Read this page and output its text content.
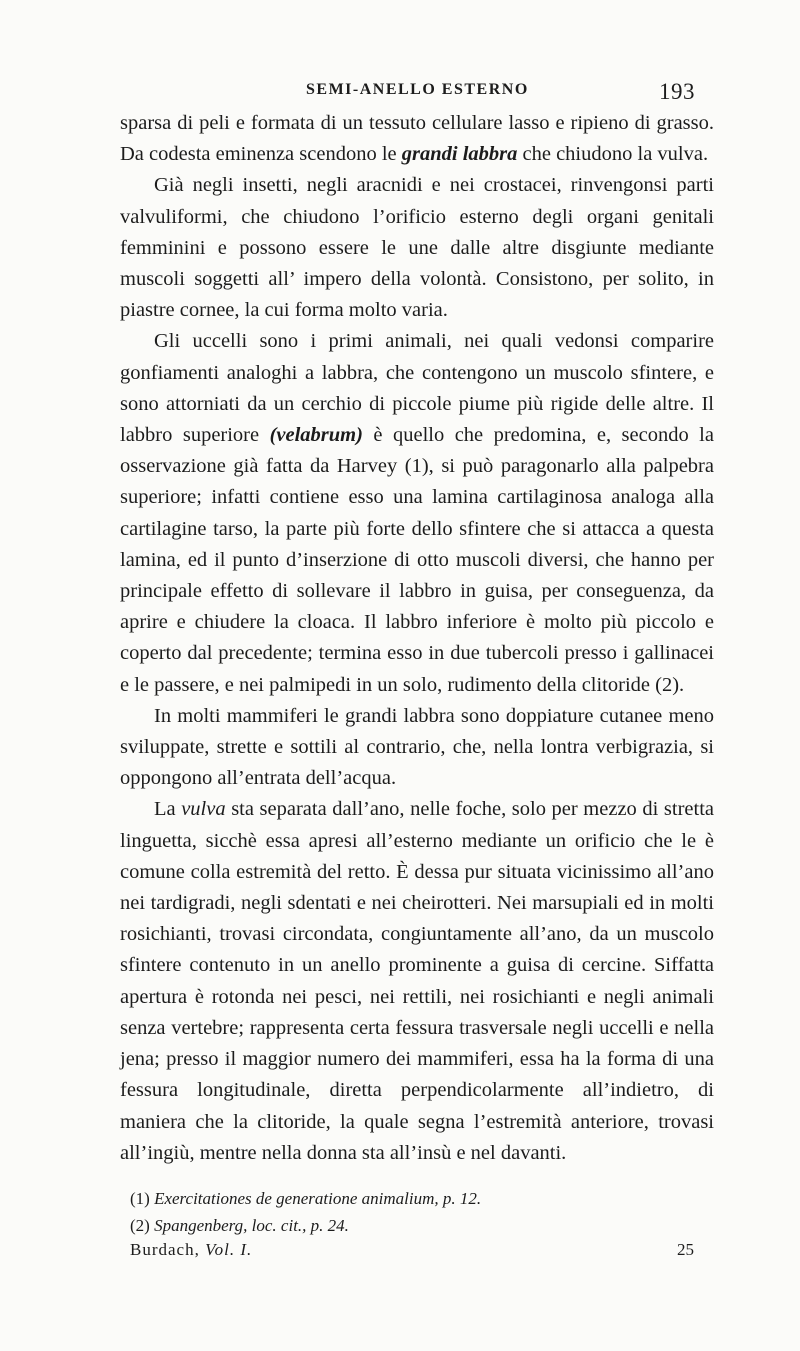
SEMI-ANELLO ESTERNO	193

sparsa di peli e formata di un tessuto cellulare lasso e ripieno di grasso. Da codesta eminenza scendono le grandi labbra che chiudono la vulva.

Già negli insetti, negli aracnidi e nei crostacei, rinvengonsi parti valvuliformi, che chiudono l’orificio esterno degli organi genitali femminini e possono essere le une dalle altre disgiunte mediante muscoli soggetti all’ impero della volontà. Consistono, per solito, in piastre cornee, la cui forma molto varia.

Gli uccelli sono i primi animali, nei quali vedonsi comparire gonfiamenti analoghi a labbra, che contengono un muscolo sfintere, e sono attorniati da un cerchio di piccole piume più rigide delle altre. Il labbro superiore (velabrum) è quello che predomina, e, secondo la osservazione già fatta da Harvey (1), si può paragonarlo alla palpebra superiore; infatti contiene esso una lamina cartilaginosa analoga alla cartilagine tarso, la parte più forte dello sfintere che si attacca a questa lamina, ed il punto d’inserzione di otto muscoli diversi, che hanno per principale effetto di sollevare il labbro in guisa, per conseguenza, da aprire e chiudere la cloaca. Il labbro inferiore è molto più piccolo e coperto dal precedente; termina esso in due tubercoli presso i gallinacei e le passere, e nei palmipedi in un solo, rudimento della clitoride (2).

In molti mammiferi le grandi labbra sono doppiature cutanee meno sviluppate, strette e sottili al contrario, che, nella lontra verbigrazia, si oppongono all’entrata dell’acqua.

La vulva sta separata dall’ano, nelle foche, solo per mezzo di stretta linguetta, sicchè essa apresi all’esterno mediante un orificio che le è comune colla estremità del retto. È dessa pur situata vicinissimo all’ano nei tardigradi, negli sdentati e nei cheirotteri. Nei marsupiali ed in molti rosichianti, trovasi circondata, congiuntamente all’ano, da un muscolo sfintere contenuto in un anello prominente a guisa di cercine. Siffatta apertura è rotonda nei pesci, nei rettili, nei rosichianti e negli animali senza vertebre; rappresenta certa fessura trasversale negli uccelli e nella jena; presso il maggior numero dei mammiferi, essa ha la forma di una fessura longitudinale, diretta perpendicolarmente all’indietro, di maniera che la clitoride, la quale segna l’estremità anteriore, trovasi all’ingiù, mentre nella donna sta all’insù e nel davanti.

(1) Exercitationes de generatione animalium, p. 12.
(2) Spangenberg, loc. cit., p. 24.
Burdach, Vol. I.	25
